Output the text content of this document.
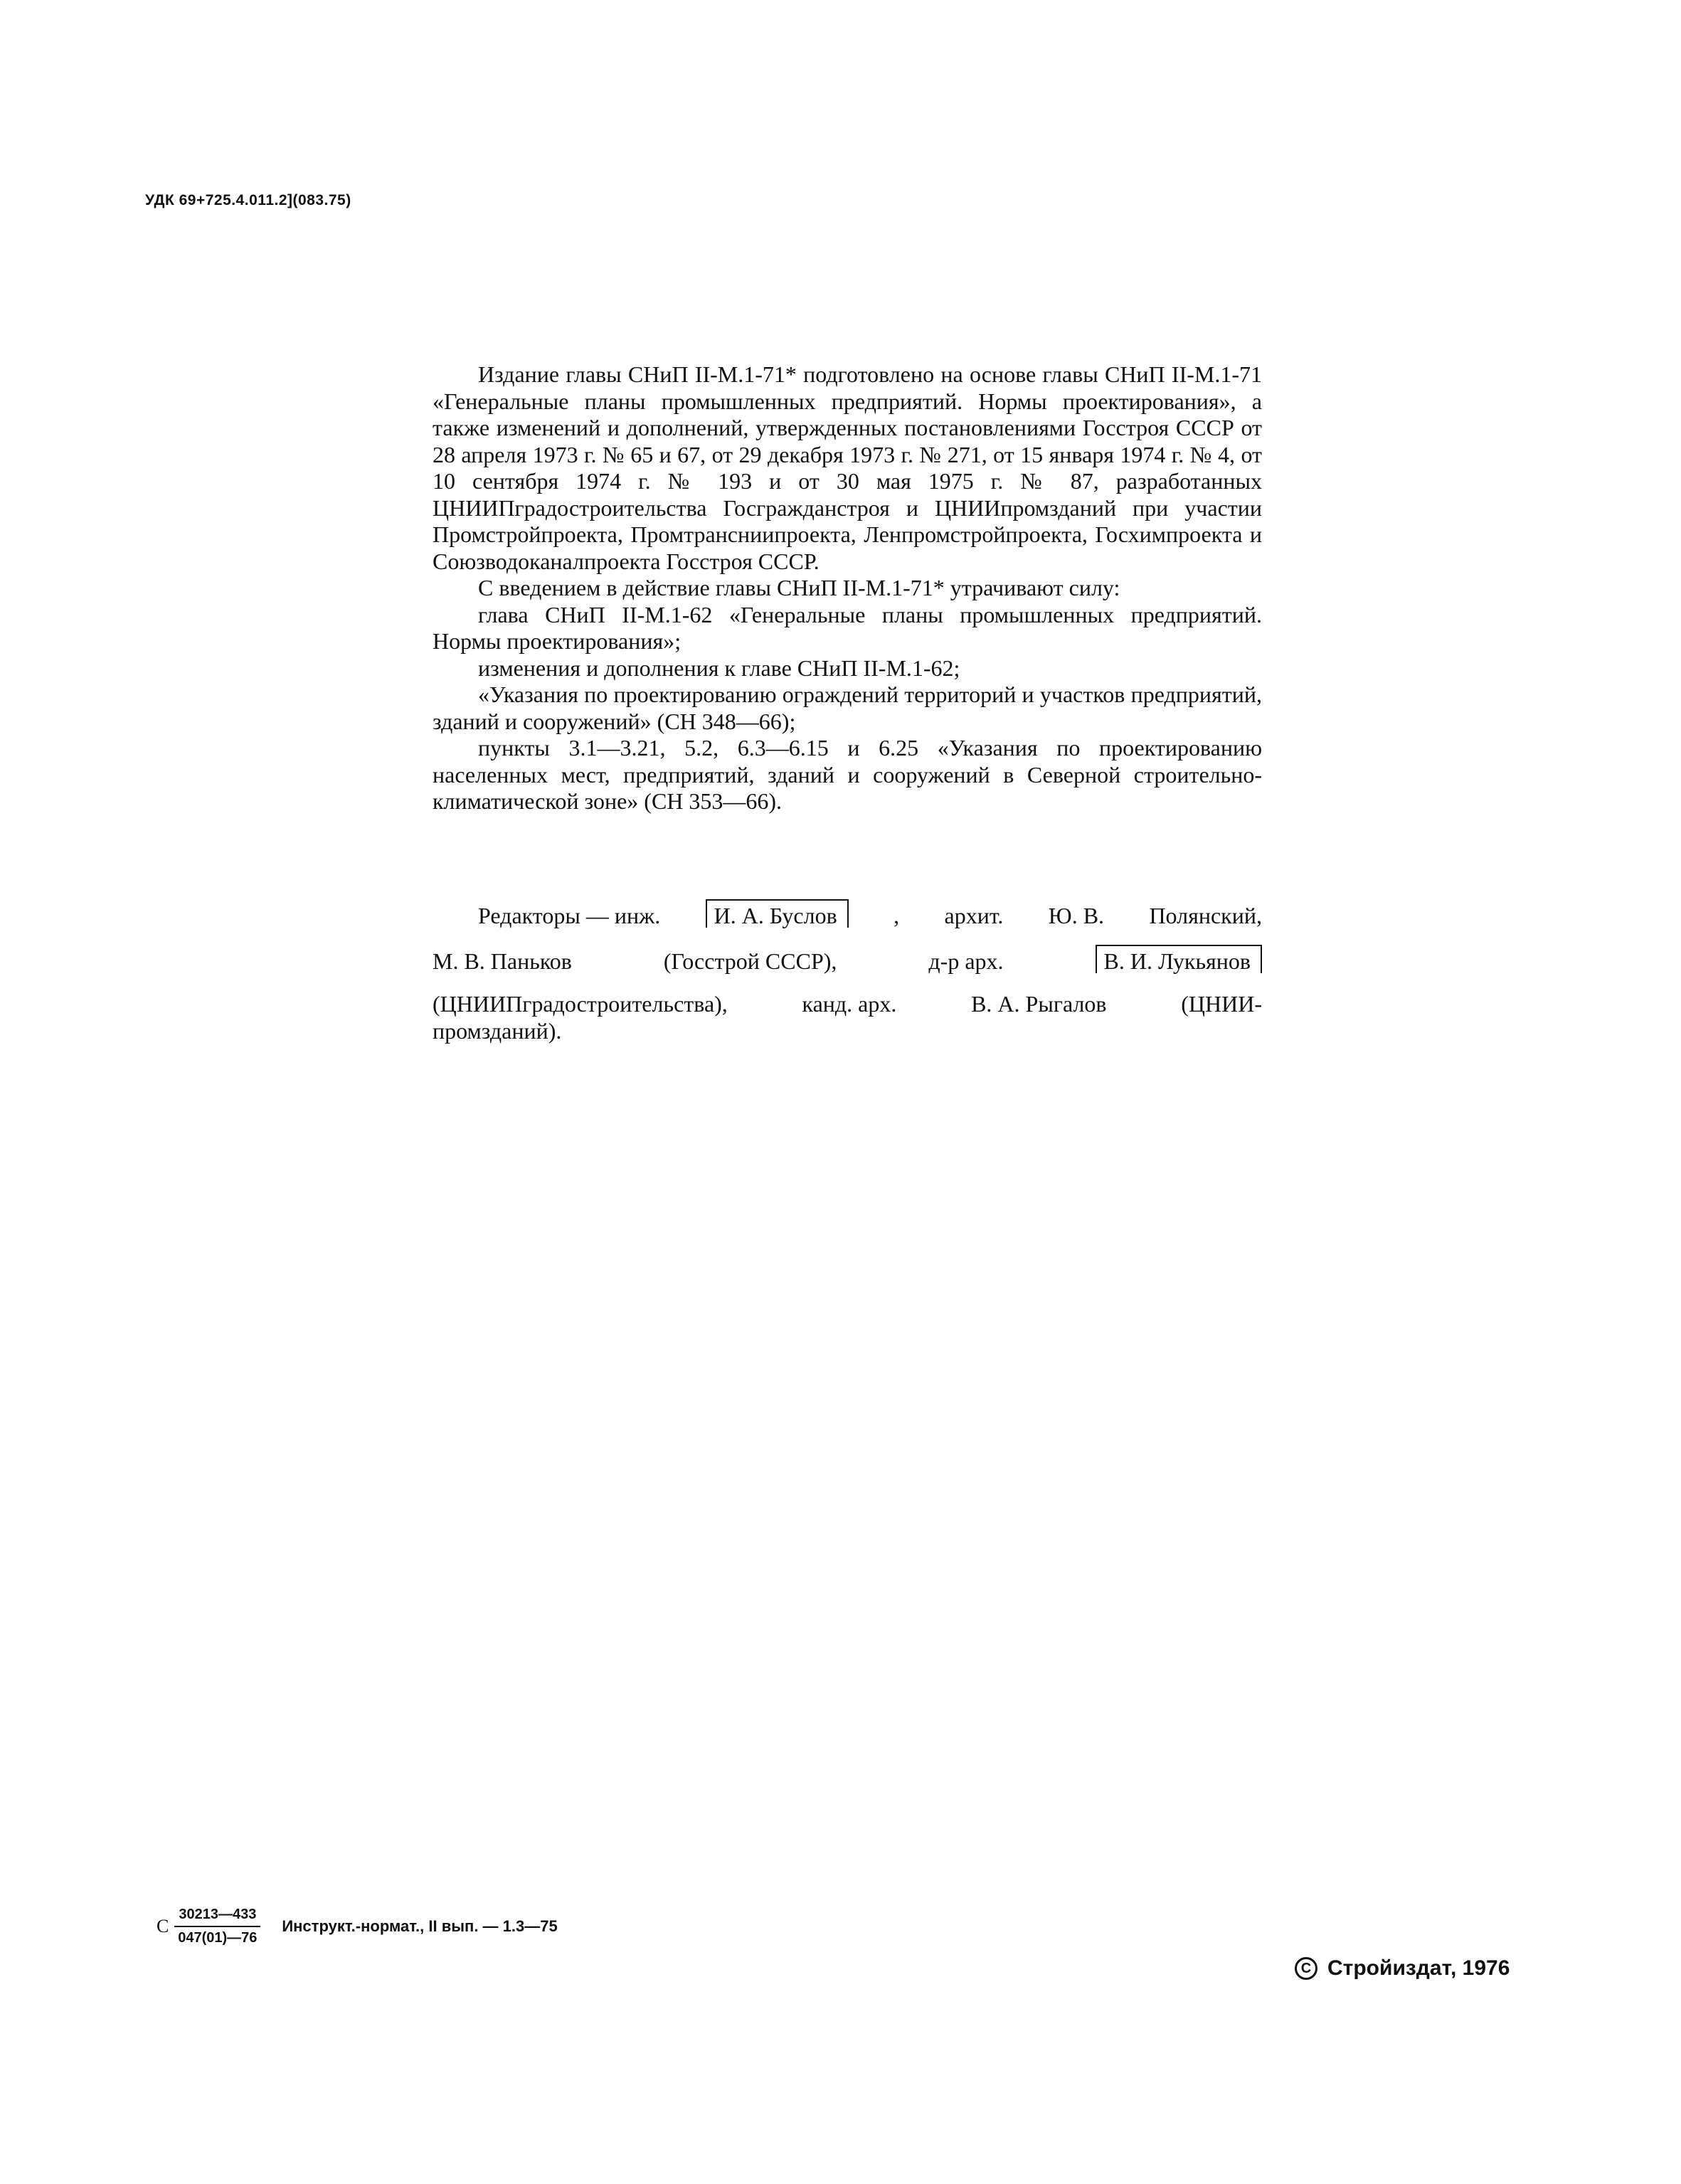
УДК 69+725.4.011.2](083.75)

Издание главы СНиП II-М.1-71* подготовлено на основе главы СНиП II-М.1-71 «Генеральные планы промышленных предприятий. Нормы проектирования», а также изменений и дополнений, утвержденных постановлениями Госстроя СССР от 28 апреля 1973 г. № 65 и 67, от 29 декабря 1973 г. № 271, от 15 января 1974 г. № 4, от 10 сентября 1974 г. № 193 и от 30 мая 1975 г. № 87, разработанных ЦНИИПградостроительства Госгражданстроя и ЦНИИпромзданий при участии Промстройпроекта, Промтрансниипроекта, Ленпромстройпроекта, Госхимпроекта и Союзводоканалпроекта Госстроя СССР.

С введением в действие главы СНиП II-М.1-71* утрачивают силу:

глава СНиП II-М.1-62 «Генеральные планы промышленных предприятий. Нормы проектирования»;

изменения и дополнения к главе СНиП II-М.1-62;

«Указания по проектированию ограждений территорий и участков предприятий, зданий и сооружений» (СН 348—66);

пункты 3.1—3.21, 5.2, 6.3—6.15 и 6.25 «Указания по проектированию населенных мест, предприятий, зданий и сооружений в Северной строительно-климатической зоне» (СН 353—66).

Редакторы — инж.	И. А. Буслов	, архит. Ю. В. Полянский,
М. В. Паньков	(Госстрой СССР),	д-р арх.	В. И. Лукьянов
(ЦНИИПградостроительства),	канд. арх.	В. А. Рыгалов	(ЦНИИ-
промзданий).
С $\frac{30213—433}{047(01)—76}$ Инструкт.-нормат., II вып. — 1.3—75
С Стройиздат, 1976
